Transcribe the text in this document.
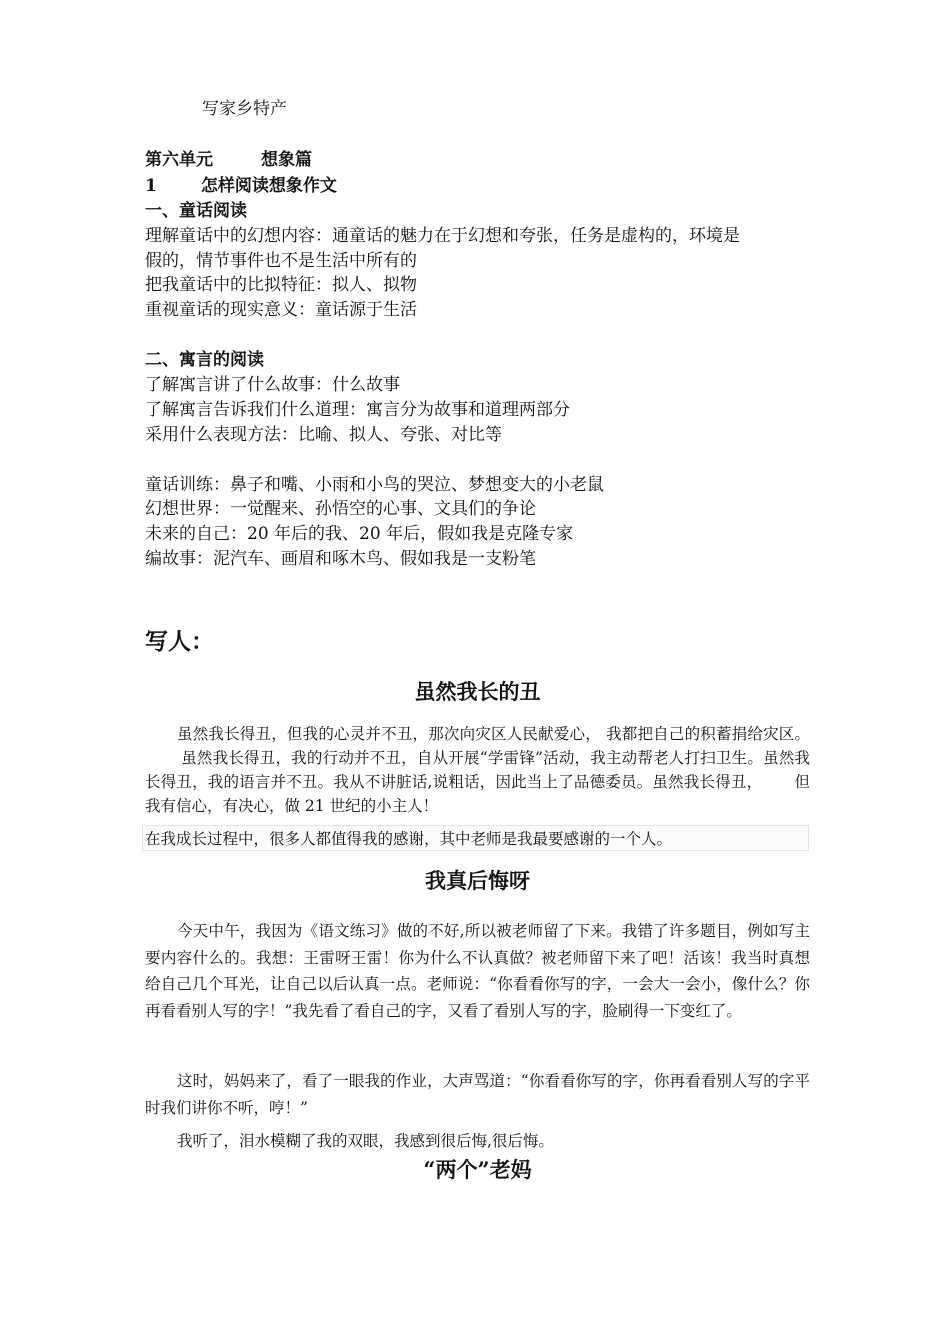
写家乡特产
第六单元	想象篇
1	怎样阅读想象作文
一、童话阅读
理解童话中的幻想内容：通童话的魅力在于幻想和夸张，任务是虚构的，环境是
假的，情节事件也不是生活中所有的
把我童话中的比拟特征：拟人、拟物
重视童话的现实意义：童话源于生活
二、寓言的阅读
了解寓言讲了什么故事：什么故事
了解寓言告诉我们什么道理：寓言分为故事和道理两部分
采用什么表现方法：比喻、拟人、夸张、对比等
童话训练：鼻子和嘴、小雨和小鸟的哭泣、梦想变大的小老鼠
幻想世界：一觉醒来、孙悟空的心事、文具们的争论
未来的自己：20 年后的我、20 年后，假如我是克隆专家
编故事：泥汽车、画眉和啄木鸟、假如我是一支粉笔
写人：
虽然我长的丑
虽然我长得丑，但我的心灵并不丑，那次向灾区人民献爱心， 我都把自己的积蓄捐给灾区。虽然我长得丑，我的行动并不丑，自从开展“学雷锋”活动，我主动帮老人打扫卫生。虽然我长得丑，我的语言并不丑。我从不讲脏话,说粗话，因此当上了品德委员。虽然我长得丑， 但我有信心，有决心，做 21 世纪的小主人！
在我成长过程中，很多人都值得我的感谢，其中老师是我最要感谢的一个人。
我真后悔呀
今天中午，我因为《语文练习》做的不好,所以被老师留了下来。我错了许多题目，例如写主要内容什么的。我想：王雷呀王雷！你为什么不认真做？被老师留下来了吧！活该！我当时真想给自己几个耳光，让自己以后认真一点。老师说：“你看看你写的字，一会大一会小，像什么？你再看看别人写的字！”我先看了看自己的字，又看了看别人写的字，脸刷得一下变红了。
这时，妈妈来了，看了一眼我的作业，大声骂道：“你看看你写的字，你再看看别人写的字平时我们讲你不听，哼！”
我听了，泪水模糊了我的双眼，我感到很后悔,很后悔。
“两个”老妈
